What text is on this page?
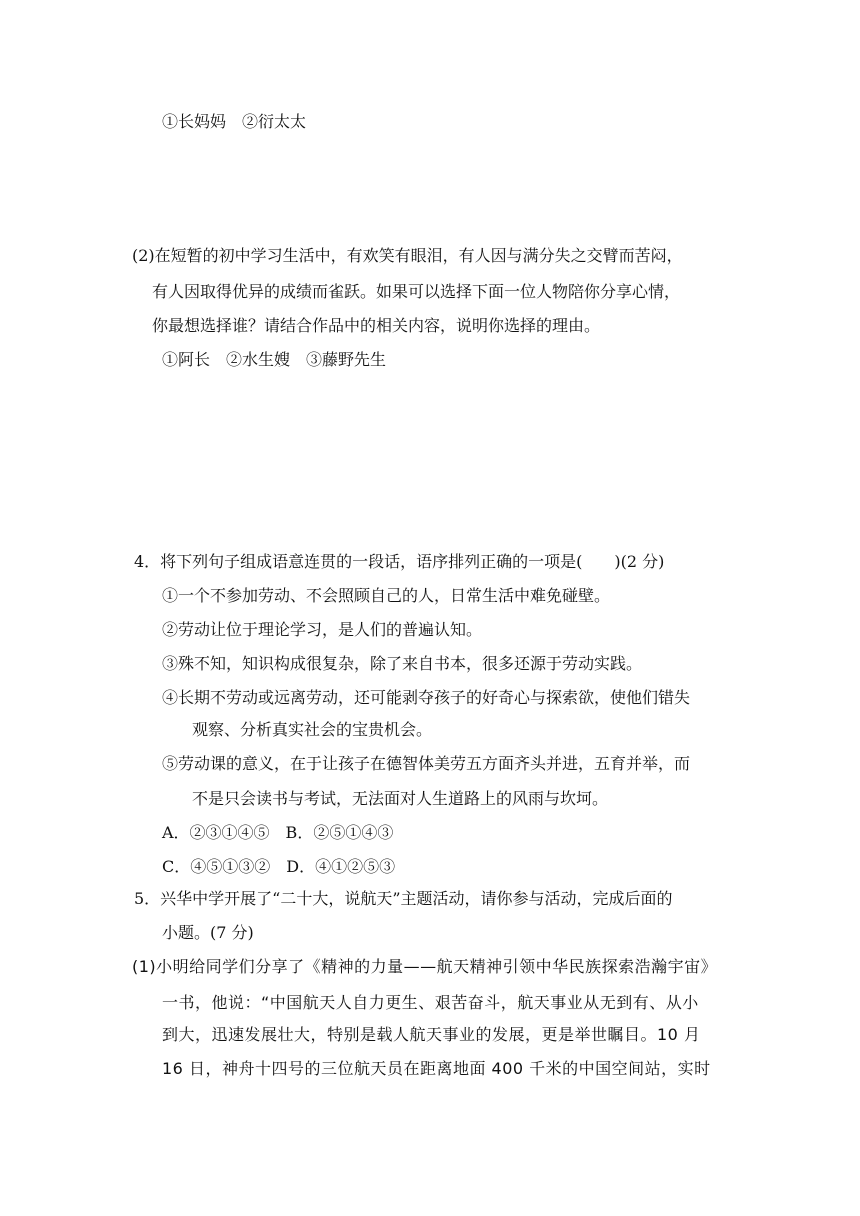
①长妈妈　②衍太太
(2)在短暂的初中学习生活中，有欢笑有眼泪，有人因与满分失之交臂而苦闷，
有人因取得优异的成绩而雀跃。如果可以选择下面一位人物陪你分享心情，
你最想选择谁？请结合作品中的相关内容，说明你选择的理由。
①阿长　②水生嫂　③藤野先生
4．将下列句子组成语意连贯的一段话，语序排列正确的一项是(　　)(2 分)
①一个不参加劳动、不会照顾自己的人，日常生活中难免碰壁。
②劳动让位于理论学习，是人们的普遍认知。
③殊不知，知识构成很复杂，除了来自书本，很多还源于劳动实践。
④长期不劳动或远离劳动，还可能剥夺孩子的好奇心与探索欲，使他们错失
观察、分析真实社会的宝贵机会。
⑤劳动课的意义，在于让孩子在德智体美劳五方面齐头并进，五育并举，而
不是只会读书与考试，无法面对人生道路上的风雨与坎坷。
A．②③①④⑤　B．②⑤①④③
C．④⑤①③②　D．④①②⑤③
5．兴华中学开展了“二十大，说航天”主题活动，请你参与活动，完成后面的
小题。(7 分)
(1)小明给同学们分享了《精神的力量——航天精神引领中华民族探索浩瀚宇宙》
一书，他说：“中国航天人自力更生、艰苦奋斗，航天事业从无到有、从小
到大，迅速发展壮大，特别是载人航天事业的发展，更是举世瞩目。10 月
16 日，神舟十四号的三位航天员在距离地面 400 千米的中国空间站，实时
